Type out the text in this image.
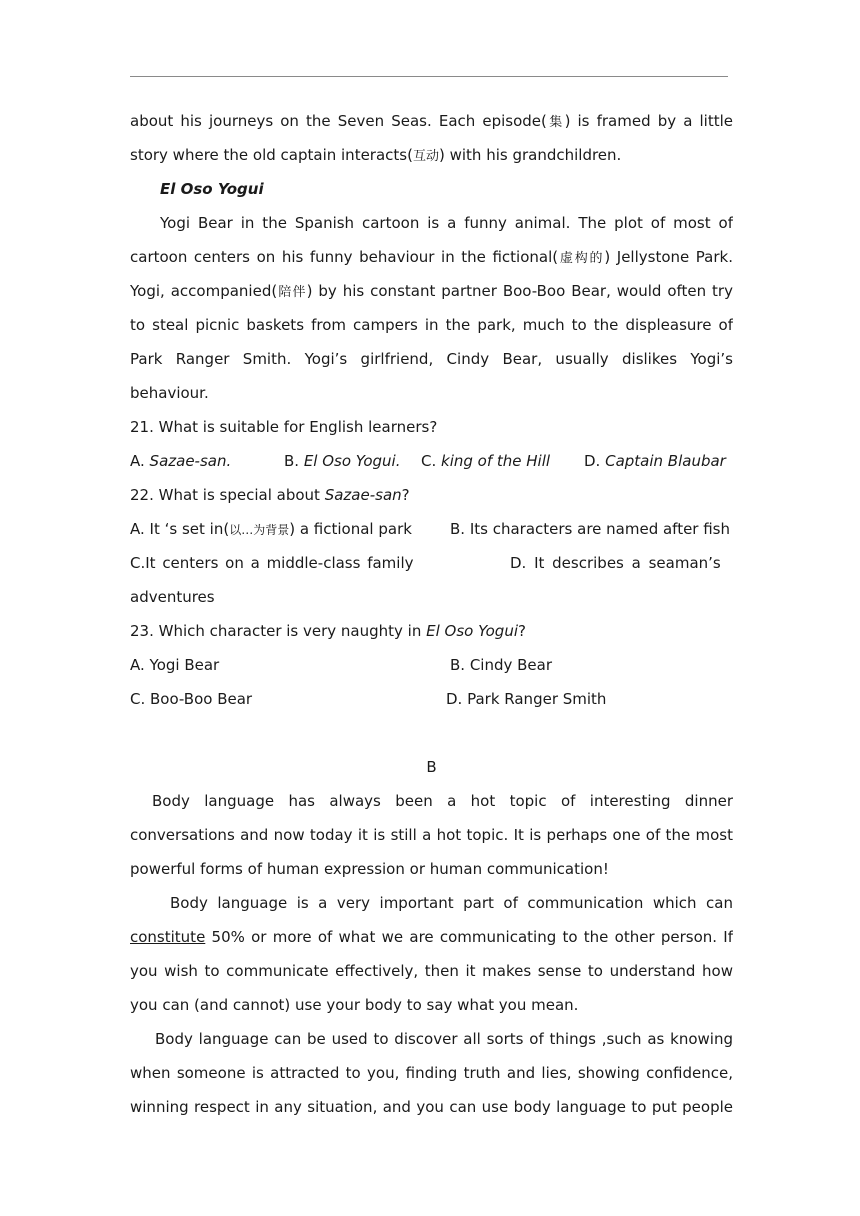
about his journeys on the Seven Seas. Each episode(集) is framed by a little
story where the old captain interacts(互动) with his grandchildren.
El Oso Yogui
Yogi Bear in the Spanish cartoon is a funny animal. The plot of most of
cartoon centers on his funny behaviour in the fictional(虚构的) Jellystone Park.
Yogi, accompanied(陪伴) by his constant partner Boo-Boo Bear, would often try
to steal picnic baskets from campers in the park, much to the displeasure of
Park Ranger Smith. Yogi’s girlfriend, Cindy Bear, usually dislikes Yogi’s
behaviour.
21. What is suitable for English learners?
A. Sazae-san.	B. El Oso Yogui.	C. king of the Hill	D. Captain Blaubar
22. What is special about Sazae-san?
A. It ‘s set in(以…为背景) a fictional park	B. Its characters are named after fish
C.It centers on a middle-class family	D. It describes a seaman’s
adventures
23. Which character is very naughty in El Oso Yogui?
A. Yogi Bear	B. Cindy Bear
C. Boo-Boo Bear	D. Park Ranger Smith
B
Body language has always been a hot topic of interesting dinner
conversations and now today it is still a hot topic. It is perhaps one of the most
powerful forms of human expression or human communication!
Body language is a very important part of communication which can
constitute 50% or more of what we are communicating to the other person. If
you wish to communicate effectively, then it makes sense to understand how
you can (and cannot) use your body to say what you mean.
Body language can be used to discover all sorts of things ,such as knowing
when someone is attracted to you, finding truth and lies, showing confidence,
winning respect in any situation, and you can use body language to put people
